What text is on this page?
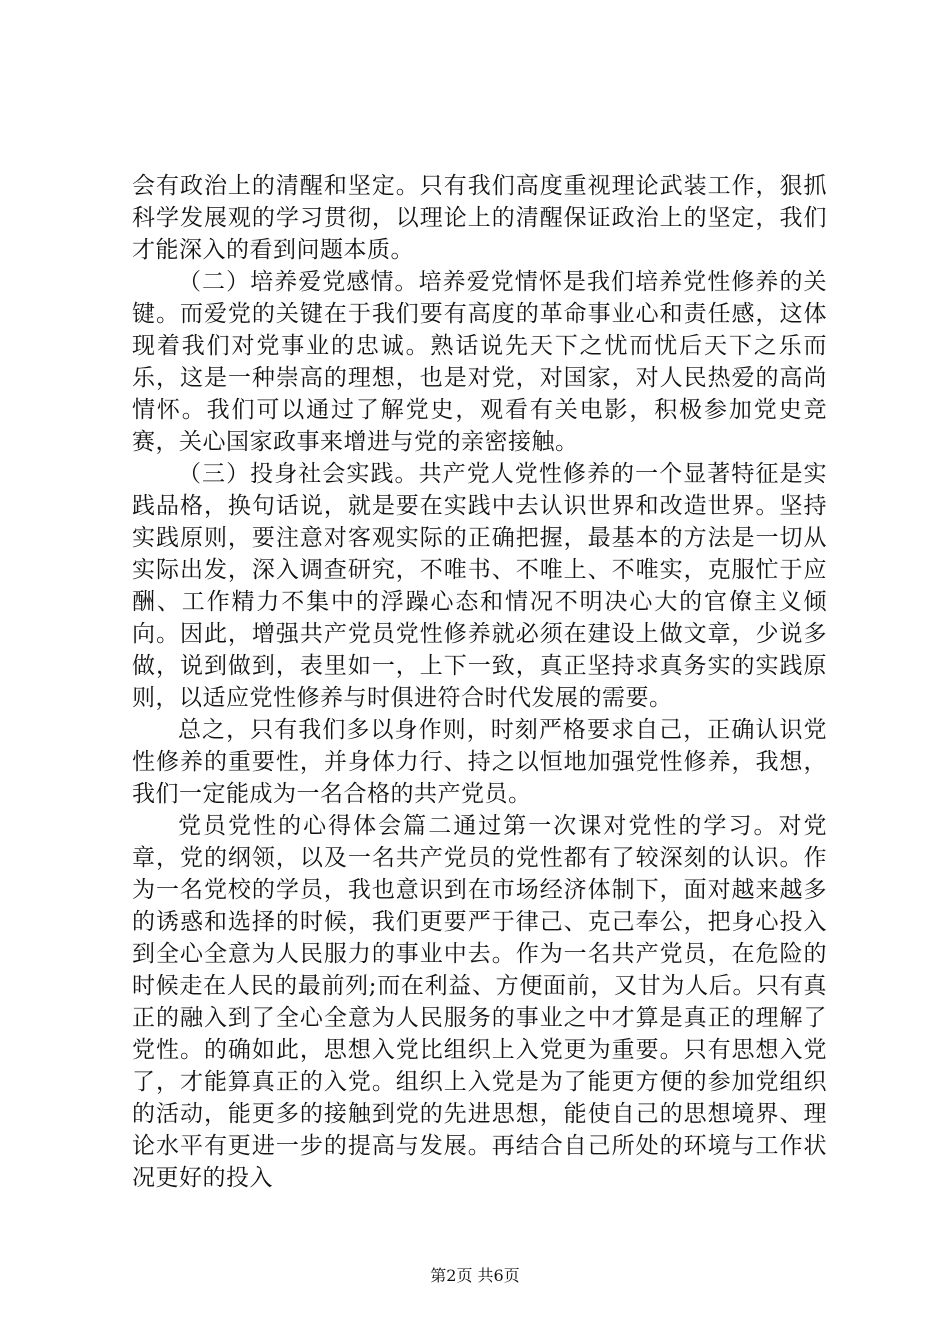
会有政治上的清醒和坚定。只有我们高度重视理论武装工作，狠抓科学发展观的学习贯彻，以理论上的清醒保证政治上的坚定，我们才能深入的看到问题本质。

（二）培养爱党感情。培养爱党情怀是我们培养党性修养的关键。而爱党的关键在于我们要有高度的革命事业心和责任感，这体现着我们对党事业的忠诚。熟话说先天下之忧而忧后天下之乐而乐，这是一种崇高的理想，也是对党，对国家，对人民热爱的高尚情怀。我们可以通过了解党史，观看有关电影，积极参加党史竞赛，关心国家政事来增进与党的亲密接触。

（三）投身社会实践。共产党人党性修养的一个显著特征是实践品格，换句话说，就是要在实践中去认识世界和改造世界。坚持实践原则，要注意对客观实际的正确把握，最基本的方法是一切从实际出发，深入调查研究，不唯书、不唯上、不唯实，克服忙于应酬、工作精力不集中的浮躁心态和情况不明决心大的官僚主义倾向。因此，增强共产党员党性修养就必须在建设上做文章，少说多做，说到做到，表里如一，上下一致，真正坚持求真务实的实践原则，以适应党性修养与时俱进符合时代发展的需要。

总之，只有我们多以身作则，时刻严格要求自己，正确认识党性修养的重要性，并身体力行、持之以恒地加强党性修养，我想，我们一定能成为一名合格的共产党员。

党员党性的心得体会篇二通过第一次课对党性的学习。对党章，党的纲领，以及一名共产党员的党性都有了较深刻的认识。作为一名党校的学员，我也意识到在市场经济体制下，面对越来越多的诱惑和选择的时候，我们更要严于律己、克己奉公，把身心投入到全心全意为人民服力的事业中去。作为一名共产党员，在危险的时候走在人民的最前列;而在利益、方便面前，又甘为人后。只有真正的融入到了全心全意为人民服务的事业之中才算是真正的理解了党性。的确如此，思想入党比组织上入党更为重要。只有思想入党了，才能算真正的入党。组织上入党是为了能更方便的参加党组织的活动，能更多的接触到党的先进思想，能使自己的思想境界、理论水平有更进一步的提高与发展。再结合自己所处的环境与工作状况更好的投入

第2页 共6页
